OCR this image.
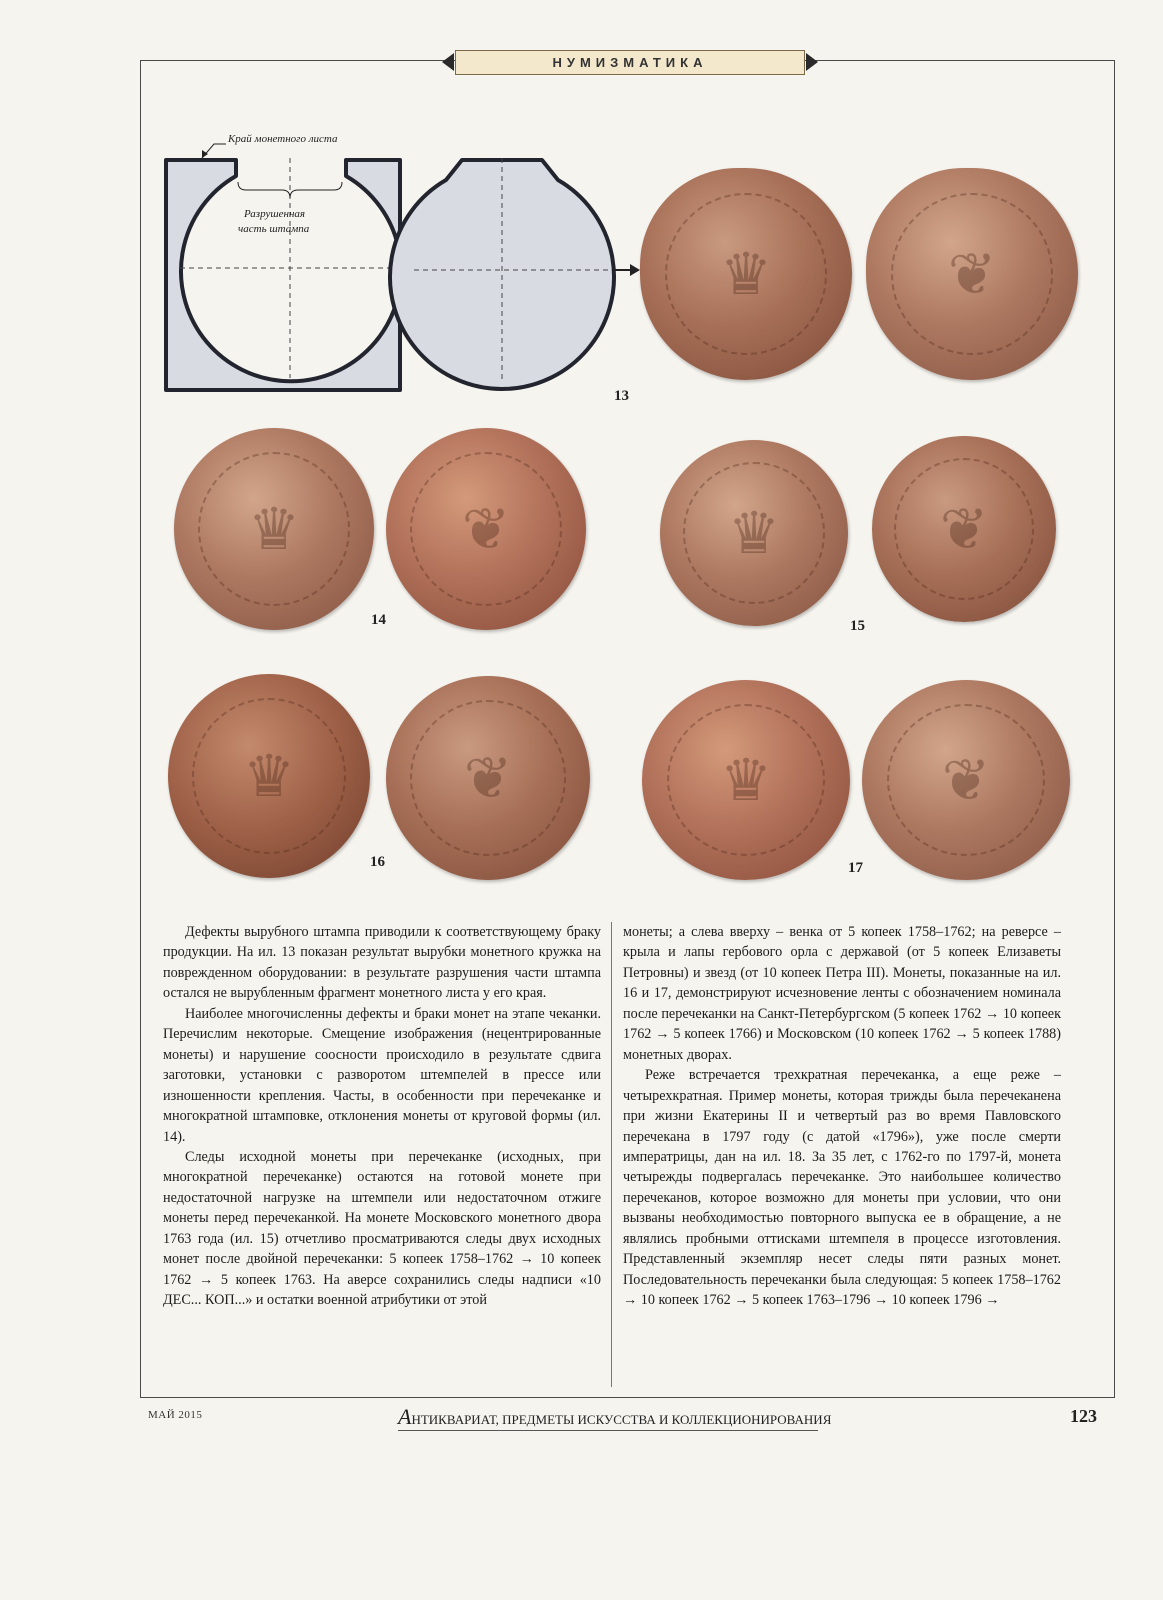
НУМИЗМАТИКА
Край монетного листа
Разрушенная
часть штампа
♛	❦
13
♛	❦
14
♛	❦
15
♛	❦
16
♛	❦
17

Дефекты вырубного штампа приводили к соответствующему браку продукции. На ил. 13 показан результат вырубки монетного кружка на поврежденном оборудовании: в результате разрушения части штампа остался не вырубленным фрагмент монетного листа у его края.

Наиболее многочисленны дефекты и браки монет на этапе чеканки. Перечислим некоторые. Смещение изображения (нецентрированные монеты) и нарушение соосности происходило в результате сдвига заготовки, установки с разворотом штемпелей в прессе или изношенности крепления. Часты, в особенности при перечеканке и многократной штамповке, отклонения монеты от круговой формы (ил. 14).

Следы исходной монеты при перечеканке (исходных, при многократной перечеканке) остаются на готовой монете при недостаточной нагрузке на штемпели или недостаточном отжиге монеты перед перечеканкой. На монете Московского монетного двора 1763 года (ил. 15) отчетливо просматриваются следы двух исходных монет после двойной перечеканки: 5 копеек 1758–1762 → 10 копеек 1762 → 5 копеек 1763. На аверсе сохранились следы надписи «10 ДЕС... КОП...» и остатки военной атрибутики от этой

монеты; а слева вверху – венка от 5 копеек 1758–1762; на реверсе – крыла и лапы гербового орла с державой (от 5 копеек Елизаветы Петровны) и звезд (от 10 копеек Петра III). Монеты, показанные на ил. 16 и 17, демонстрируют исчезновение ленты с обозначением номинала после перечеканки на Санкт-Петербургском (5 копеек 1762 → 10 копеек 1762 → 5 копеек 1766) и Московском (10 копеек 1762 → 5 копеек 1788) монетных дворах.

Реже встречается трехкратная перечеканка, а еще реже – четырехкратная. Пример монеты, которая трижды была перечеканена при жизни Екатерины II и четвертый раз во время Павловского перечекана в 1797 году (с датой «1796»), уже после смерти императрицы, дан на ил. 18. За 35 лет, с 1762-го по 1797-й, монета четырежды подвергалась перечеканке. Это наибольшее количество перечеканов, которое возможно для монеты при условии, что они вызваны необходимостью повторного выпуска ее в обращение, а не являлись пробными оттисками штемпеля в процессе изготовления. Представленный экземпляр несет следы пяти разных монет. Последовательность перечеканки была следующая: 5 копеек 1758–1762 → 10 копеек 1762 → 5 копеек 1763–1796 → 10 копеек 1796 →

МАЙ 2015	АНТИКВАРИАТ, ПРЕДМЕТЫ ИСКУССТВА И КОЛЛЕКЦИОНИРОВАНИЯ	123
